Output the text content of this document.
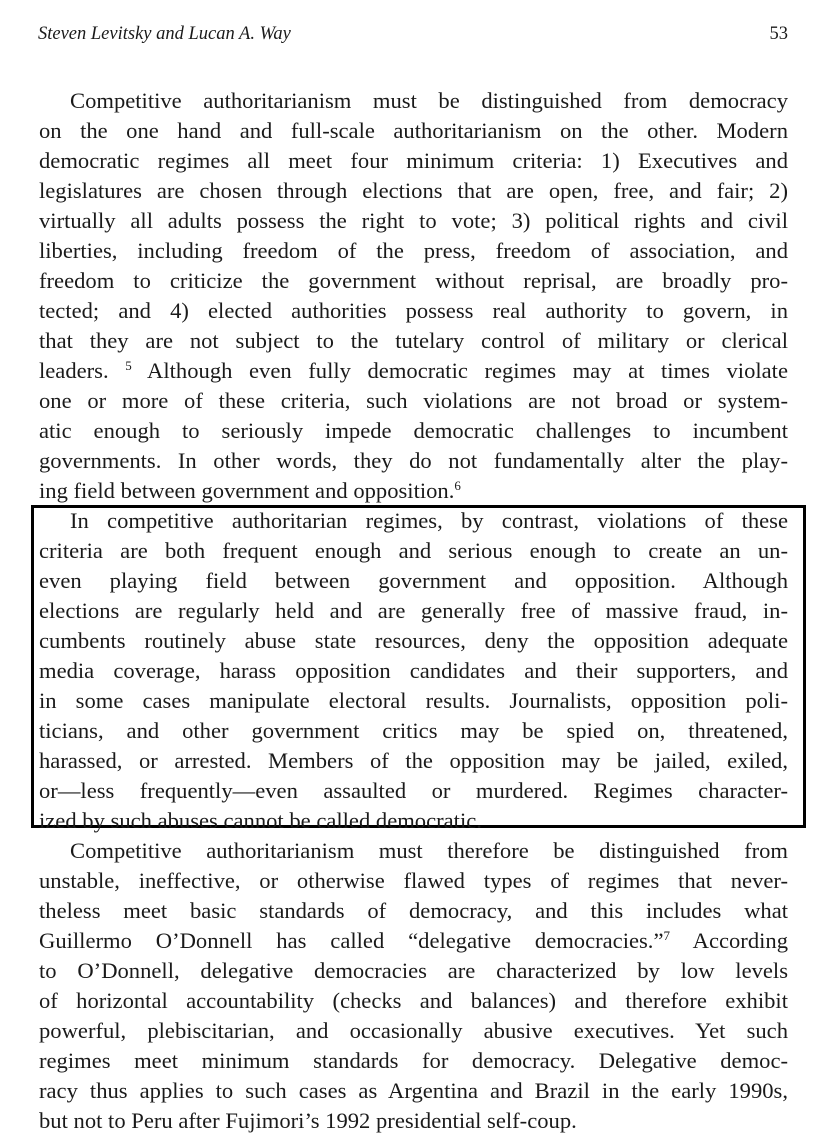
Steven Levitsky and Lucan A. Way	53
Competitive authoritarianism must be distinguished from democracy
on the one hand and full-scale authoritarianism on the other. Modern
democratic regimes all meet four minimum criteria: 1) Executives and
legislatures are chosen through elections that are open, free, and fair; 2)
virtually all adults possess the right to vote; 3) political rights and civil
liberties, including freedom of the press, freedom of association, and
freedom to criticize the government without reprisal, are broadly pro-
tected; and 4) elected authorities possess real authority to govern, in
that they are not subject to the tutelary control of military or clerical
leaders. $^5$ Although even fully democratic regimes may at times violate
one or more of these criteria, such violations are not broad or system-
atic enough to seriously impede democratic challenges to incumbent
governments. In other words, they do not fundamentally alter the play-
ing field between government and opposition.$^6$
In competitive authoritarian regimes, by contrast, violations of these
criteria are both frequent enough and serious enough to create an un-
even playing field between government and opposition. Although
elections are regularly held and are generally free of massive fraud, in-
cumbents routinely abuse state resources, deny the opposition adequate
media coverage, harass opposition candidates and their supporters, and
in some cases manipulate electoral results. Journalists, opposition poli-
ticians, and other government critics may be spied on, threatened,
harassed, or arrested. Members of the opposition may be jailed, exiled,
or—less frequently—even assaulted or murdered. Regimes character-
ized by such abuses cannot be called democratic.
Competitive authoritarianism must therefore be distinguished from
unstable, ineffective, or otherwise flawed types of regimes that never-
theless meet basic standards of democracy, and this includes what
Guillermo O’Donnell has called “delegative democracies.”$^7$ According
to O’Donnell, delegative democracies are characterized by low levels
of horizontal accountability (checks and balances) and therefore exhibit
powerful, plebiscitarian, and occasionally abusive executives. Yet such
regimes meet minimum standards for democracy. Delegative democ-
racy thus applies to such cases as Argentina and Brazil in the early 1990s,
but not to Peru after Fujimori’s 1992 presidential self-coup.
